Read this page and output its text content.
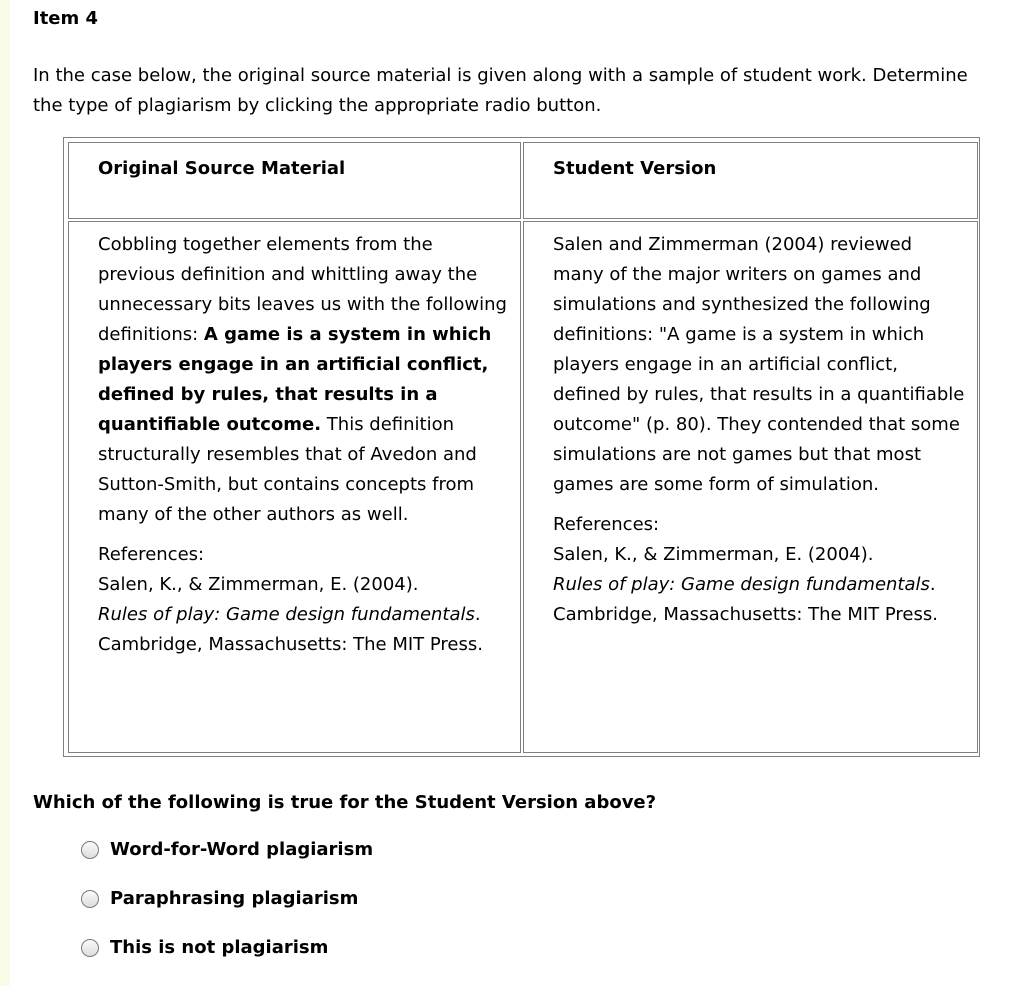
Item 4
In the case below, the original source material is given along with a sample of student work. Determine the type of plagiarism by clicking the appropriate radio button.
Original Source Material	Student Version

Cobbling together elements from the previous definition and whittling away the unnecessary bits leaves us with the following definitions: A game is a system in which players engage in an artificial conflict, defined by rules, that results in a quantifiable outcome. This definition structurally resembles that of Avedon and Sutton-Smith, but contains concepts from many of the other authors as well.

References:
Salen, K., & Zimmerman, E. (2004).
Rules of play: Game design fundamentals. Cambridge, Massachusetts: The MIT Press.

Salen and Zimmerman (2004) reviewed many of the major writers on games and simulations and synthesized the following definitions: "A game is a system in which players engage in an artificial conflict, defined by rules, that results in a quantifiable outcome" (p. 80). They contended that some simulations are not games but that most games are some form of simulation.

References:
Salen, K., & Zimmerman, E. (2004).
Rules of play: Game design fundamentals. Cambridge, Massachusetts: The MIT Press.
Which of the following is true for the Student Version above?
Word-for-Word plagiarism
Paraphrasing plagiarism
This is not plagiarism
